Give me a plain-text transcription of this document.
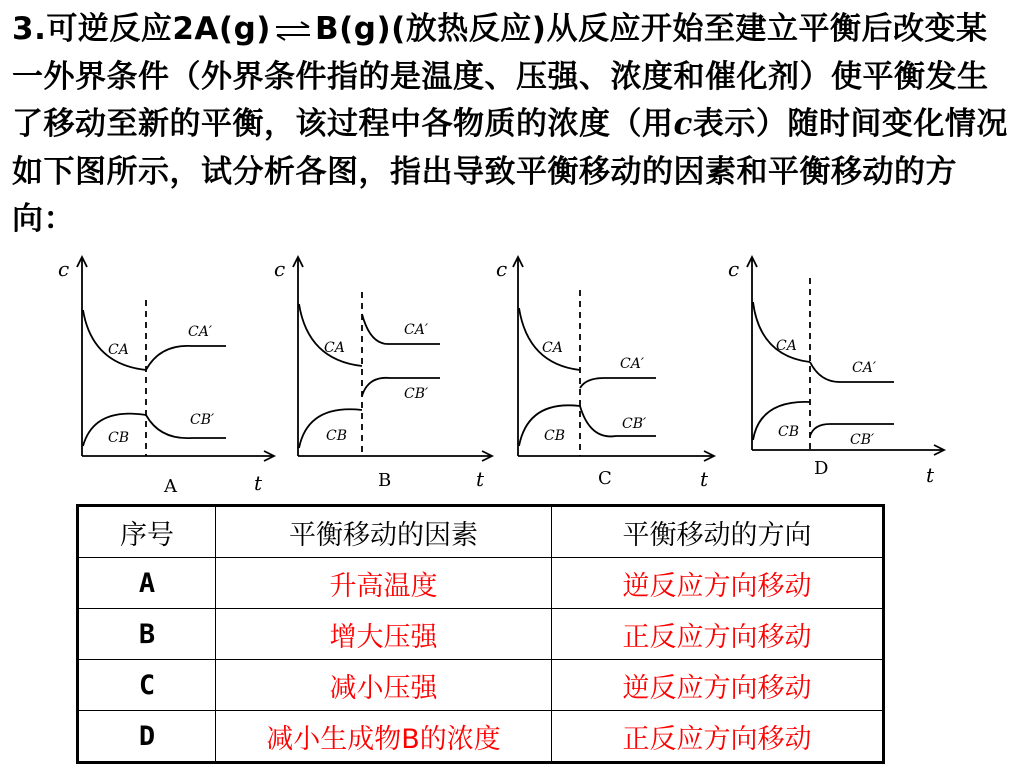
3.可逆反应2A(g) ⇌ B(g)(放热反应)从反应开始至建立平衡后改变某一外界条件（外界条件指的是温度、压强、浓度和催化剂）使平衡发生了移动至新的平衡，该过程中各物质的浓度（用c表示）随时间变化情况如下图所示，试分析各图，指出导致平衡移动的因素和平衡移动的方向：
c
t
A
CA
CA′
CB
CB′
c
t
B
CA
CA′
CB
CB′
c
t
C
CA
CA′
CB
CB′
c
t
D
CA
CA′
CB	CB′
序号	平衡移动的因素	平衡移动的方向
A	升高温度	逆反应方向移动
B	增大压强	正反应方向移动
C	减小压强	逆反应方向移动
D	减小生成物B的浓度	正反应方向移动
